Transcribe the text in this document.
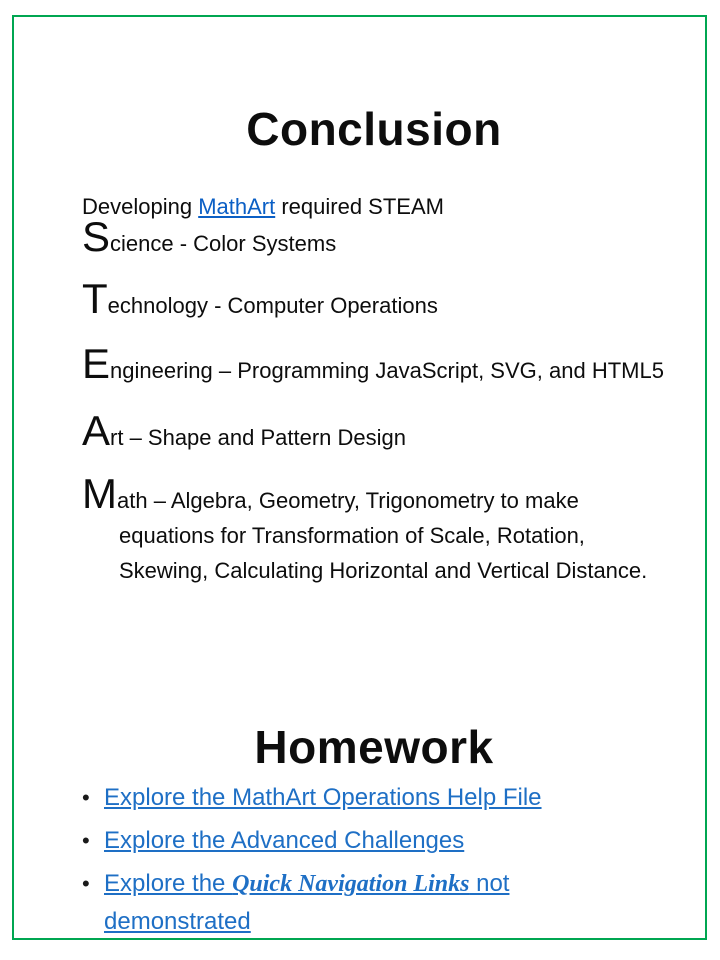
Conclusion

Developing MathArt required STEAM

Science - Color Systems
Technology - Computer Operations
Engineering – Programming JavaScript, SVG, and HTML5
Art – Shape and Pattern Design
Math – Algebra, Geometry, Trigonometry to make equations for Transformation of Scale, Rotation, Skewing, Calculating Horizontal and Vertical Distance.
Homework
• Explore the MathArt Operations Help File
• Explore the Advanced Challenges
• Explore the Quick Navigation Links not demonstrated
